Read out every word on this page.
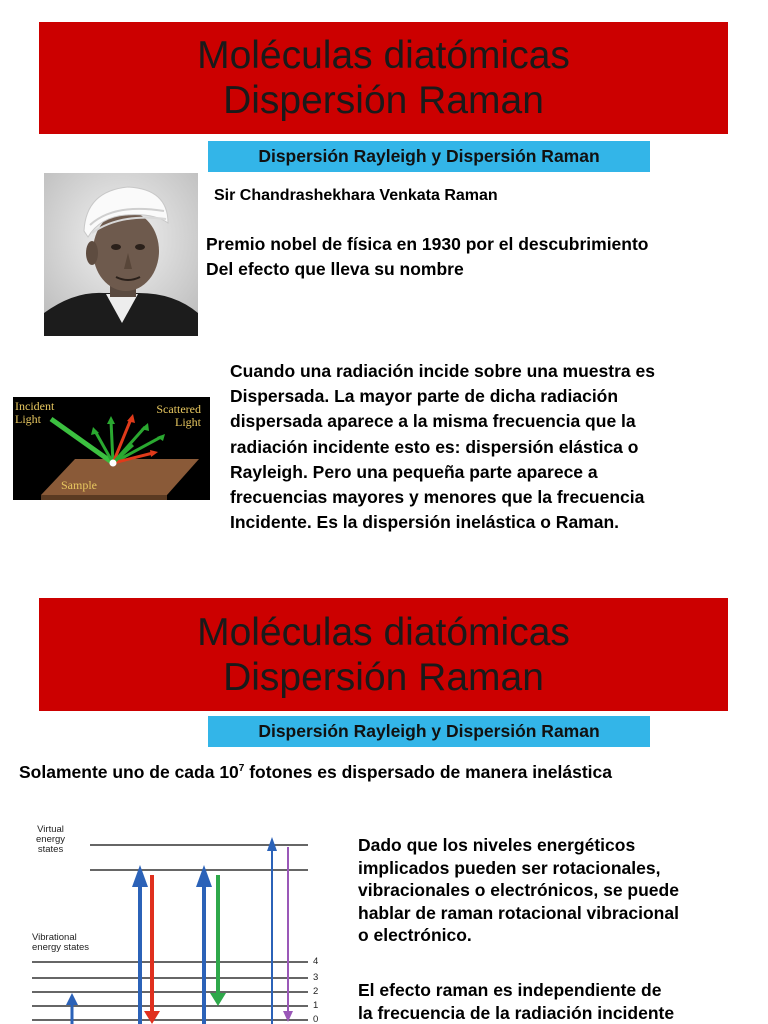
Moléculas diatómicas
Dispersión Raman
Dispersión Rayleigh y Dispersión Raman
Sir Chandrashekhara Venkata Raman
Premio nobel de física en 1930 por el descubrimiento
Del efecto que lleva su nombre
Incident
Light
Scattered
Light
Sample
Cuando una radiación incide sobre una muestra es
Dispersada. La mayor parte de dicha radiación
dispersada aparece a la misma frecuencia que la
radiación incidente esto es: dispersión elástica o
Rayleigh. Pero una pequeña parte aparece a
frecuencias mayores y menores que la frecuencia
Incidente. Es la dispersión inelástica o Raman.
Moléculas diatómicas
Dispersión Raman
Dispersión Rayleigh y Dispersión Raman
Solamente uno de cada $10^7$ fotones es dispersado de manera inelástica
Virtual
energy
states
Vibrational
energy states
4
3
2
1
0
Dado que los niveles energéticos
implicados pueden ser rotacionales,
vibracionales o electrónicos, se puede
hablar de raman rotacional vibracional
o electrónico.
El efecto raman es independiente de
la frecuencia de la radiación incidente
